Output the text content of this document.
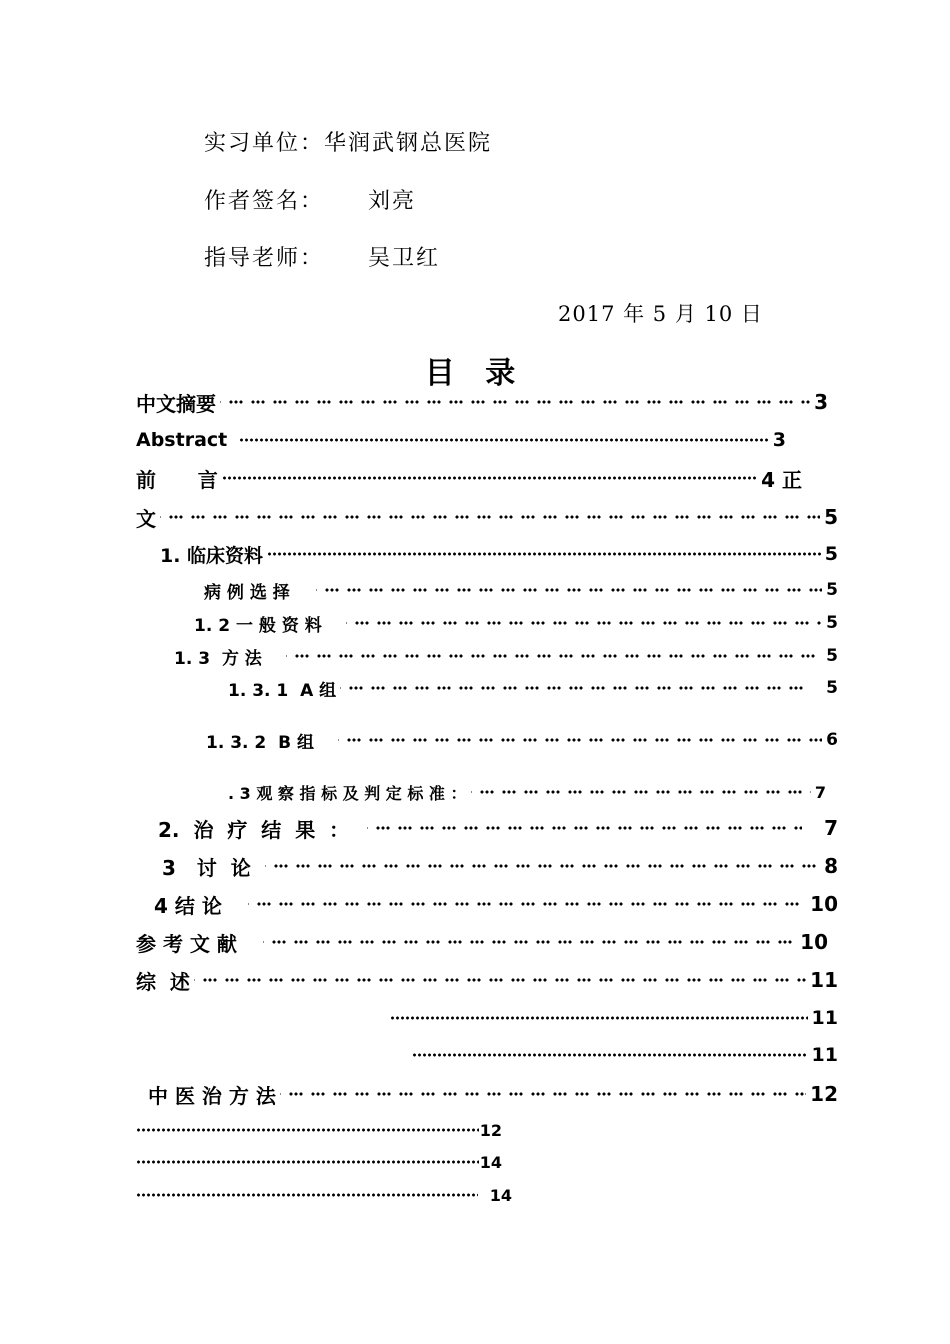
实习单位：华润武钢总医院
作者签名： 刘亮
指导老师： 吴卫红
2017 年 5 月 10 日
目 录
中文摘要	3
Abstract	3
前      言	4 正
文	5
1. 临床资料	5
病 例 选 择	5
1. 2 一 般 资 料	5
1. 3  方 法	5
1. 3. 1  A 组	5
1. 3. 2  B 组	6
. 3 观 察 指 标 及 判 定 标 准 ：	7
2.  治  疗  结  果  ：	7
3   讨  论	8
4 结 论	10
参 考 文 献	10
综  述	11
11
11
中 医 治 方 法	12
12
14
14
